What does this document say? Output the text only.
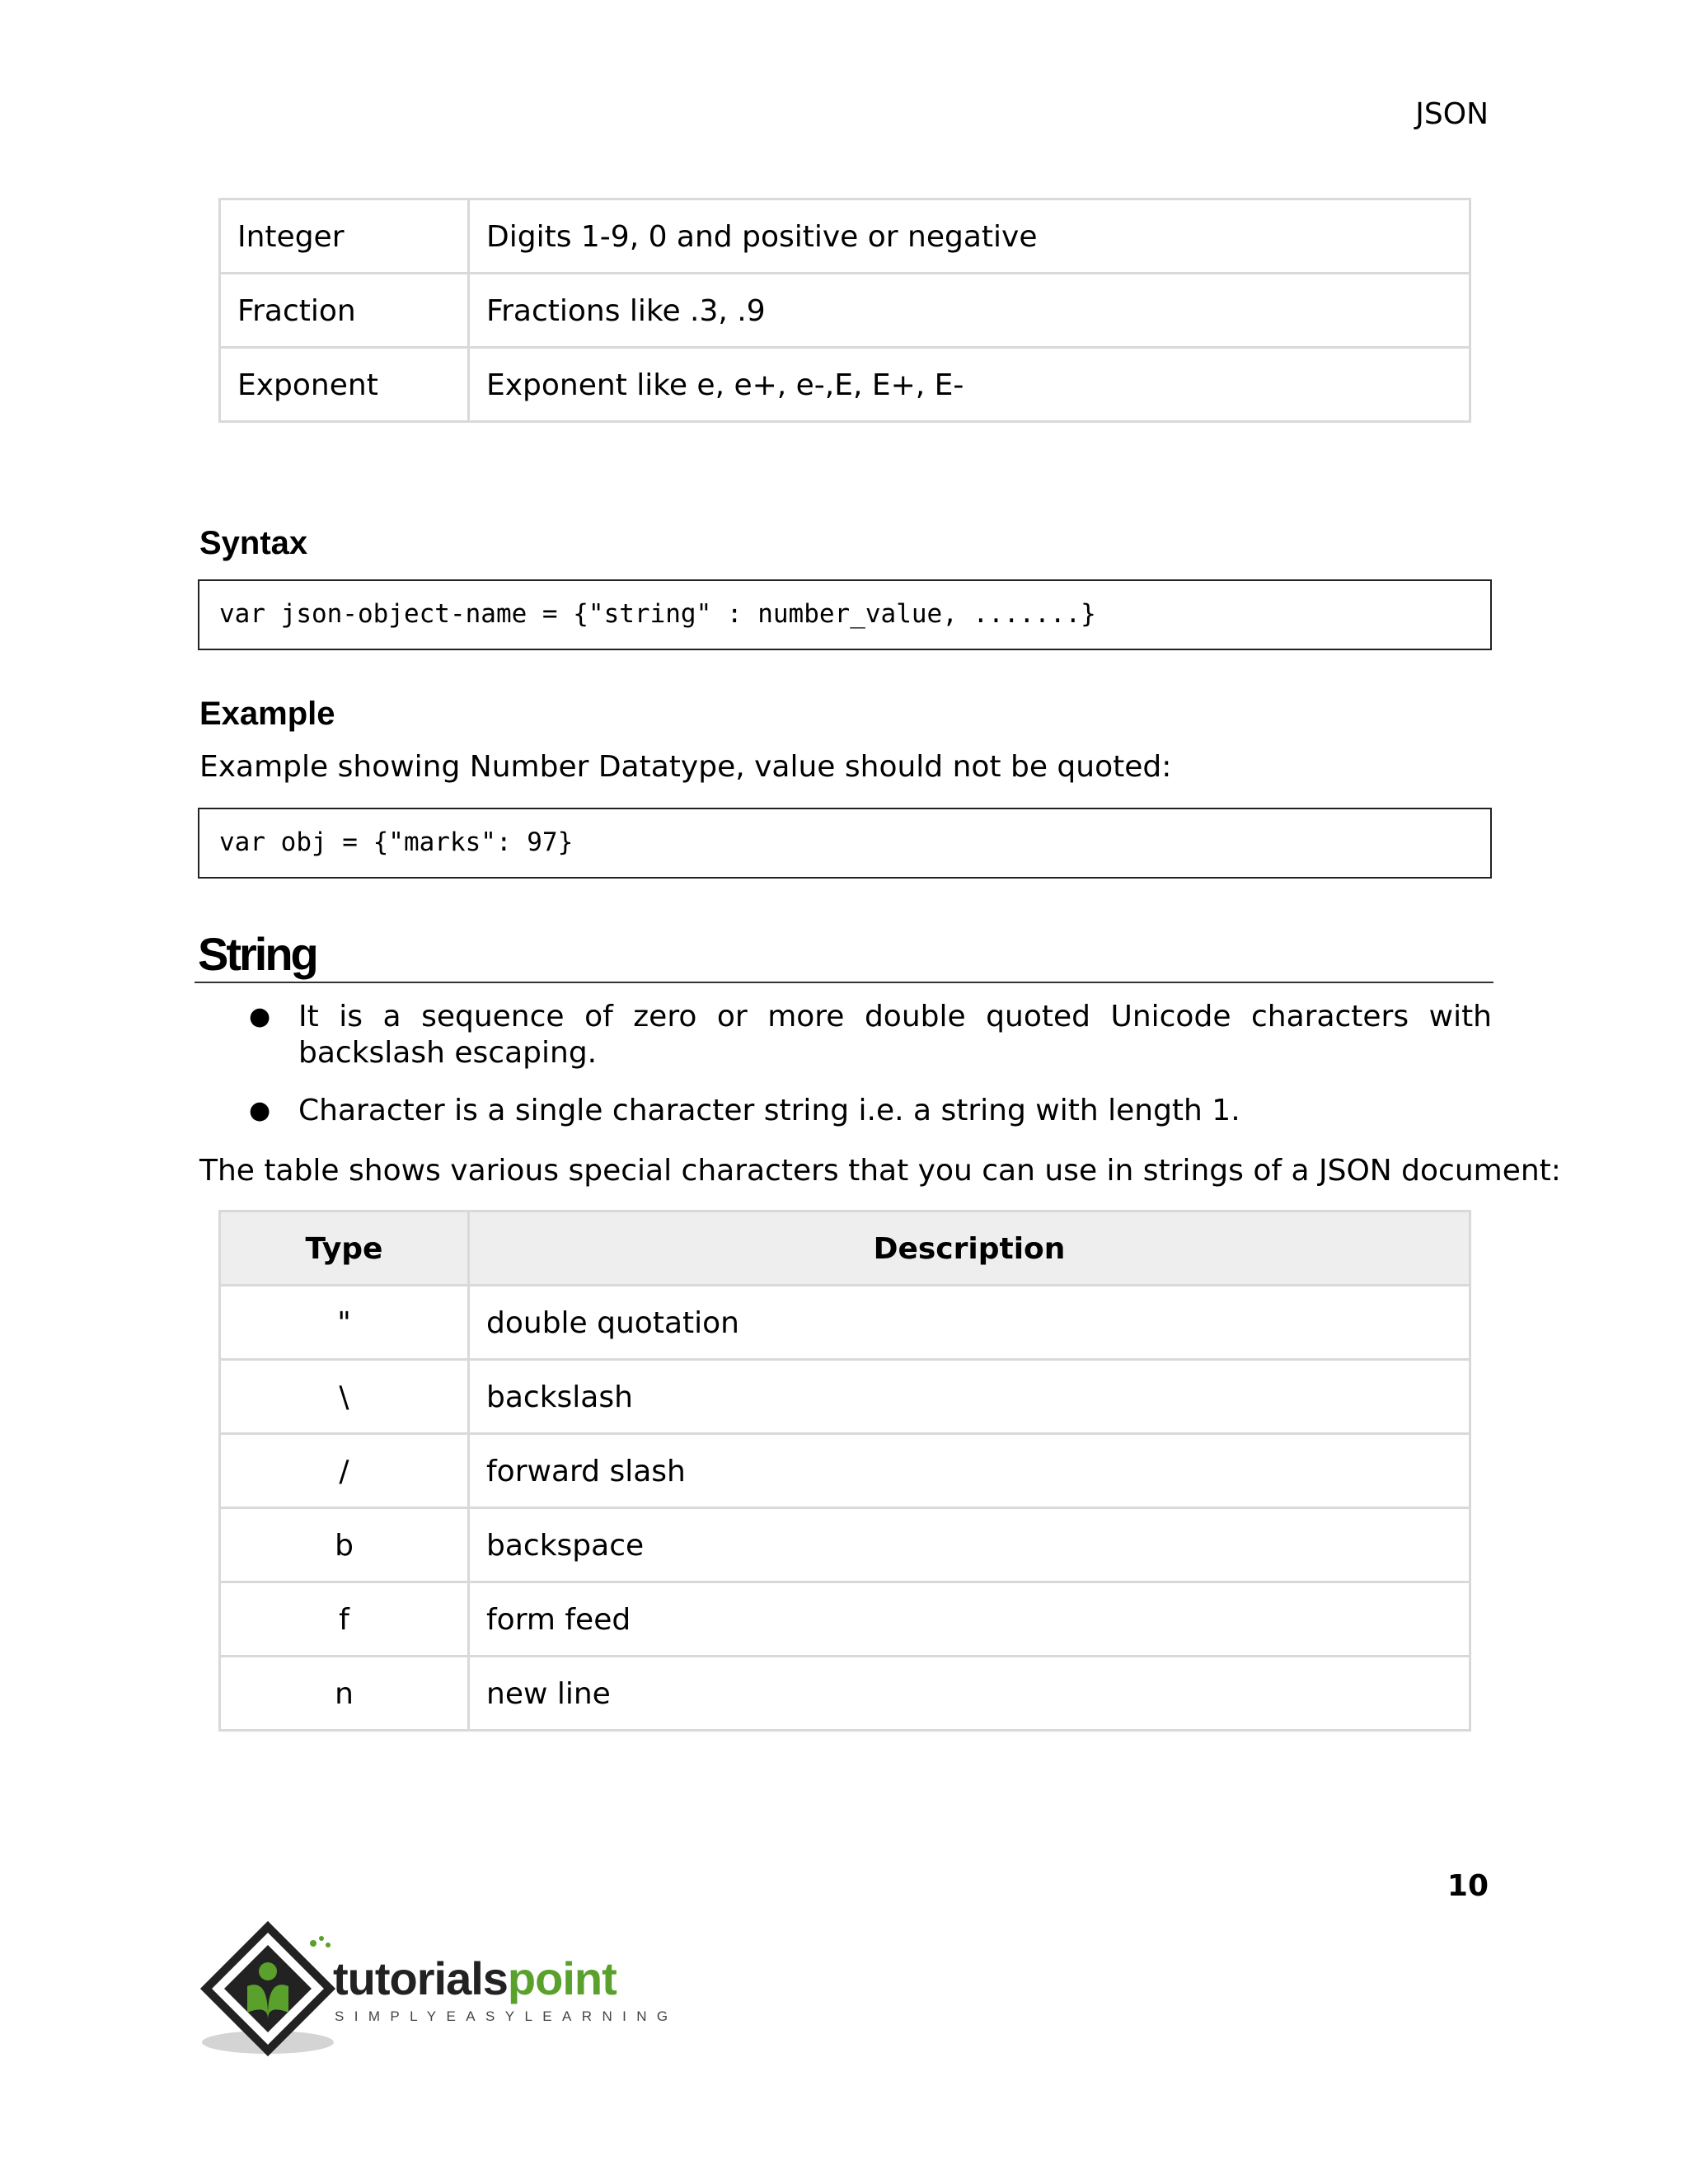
JSON
Integer	Digits 1-9, 0 and positive or negative
Fraction	Fractions like .3, .9
Exponent	Exponent like e, e+, e-,E, E+, E-
Syntax
var json-object-name = {"string" : number_value, .......}
Example
Example showing Number Datatype, value should not be quoted:
var obj = {"marks": 97}
String
● It is a sequence of zero or more double quoted Unicode characters with backslash escaping.
● Character is a single character string i.e. a string with length 1.
The table shows various special characters that you can use in strings of a JSON document:
Type	Description
"	double quotation
\	backslash
/	forward slash
b	backspace
f	form feed
n	new line
10
tutorialspoint
SIMPLYEASYLEARNING
